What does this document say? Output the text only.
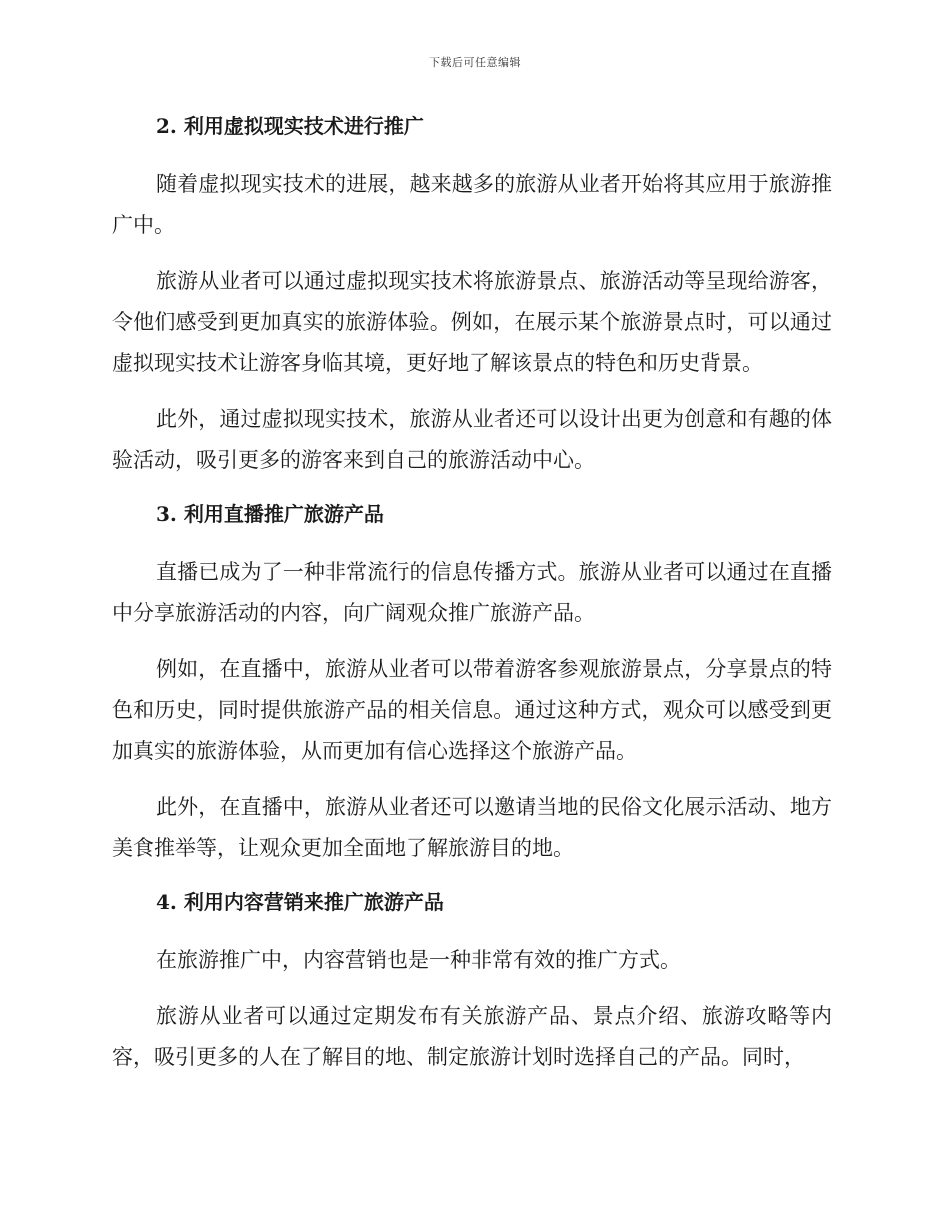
下载后可任意编辑
2. 利用虚拟现实技术进行推广

随着虚拟现实技术的进展，越来越多的旅游从业者开始将其应用于旅游推广中。

旅游从业者可以通过虚拟现实技术将旅游景点、旅游活动等呈现给游客，令他们感受到更加真实的旅游体验。例如，在展示某个旅游景点时，可以通过虚拟现实技术让游客身临其境，更好地了解该景点的特色和历史背景。

此外，通过虚拟现实技术，旅游从业者还可以设计出更为创意和有趣的体验活动，吸引更多的游客来到自己的旅游活动中心。

3. 利用直播推广旅游产品

直播已成为了一种非常流行的信息传播方式。旅游从业者可以通过在直播中分享旅游活动的内容，向广阔观众推广旅游产品。

例如，在直播中，旅游从业者可以带着游客参观旅游景点，分享景点的特色和历史，同时提供旅游产品的相关信息。通过这种方式，观众可以感受到更加真实的旅游体验，从而更加有信心选择这个旅游产品。

此外，在直播中，旅游从业者还可以邀请当地的民俗文化展示活动、地方美食推举等，让观众更加全面地了解旅游目的地。

4. 利用内容营销来推广旅游产品

在旅游推广中，内容营销也是一种非常有效的推广方式。

旅游从业者可以通过定期发布有关旅游产品、景点介绍、旅游攻略等内容，吸引更多的人在了解目的地、制定旅游计划时选择自己的产品。同时，
